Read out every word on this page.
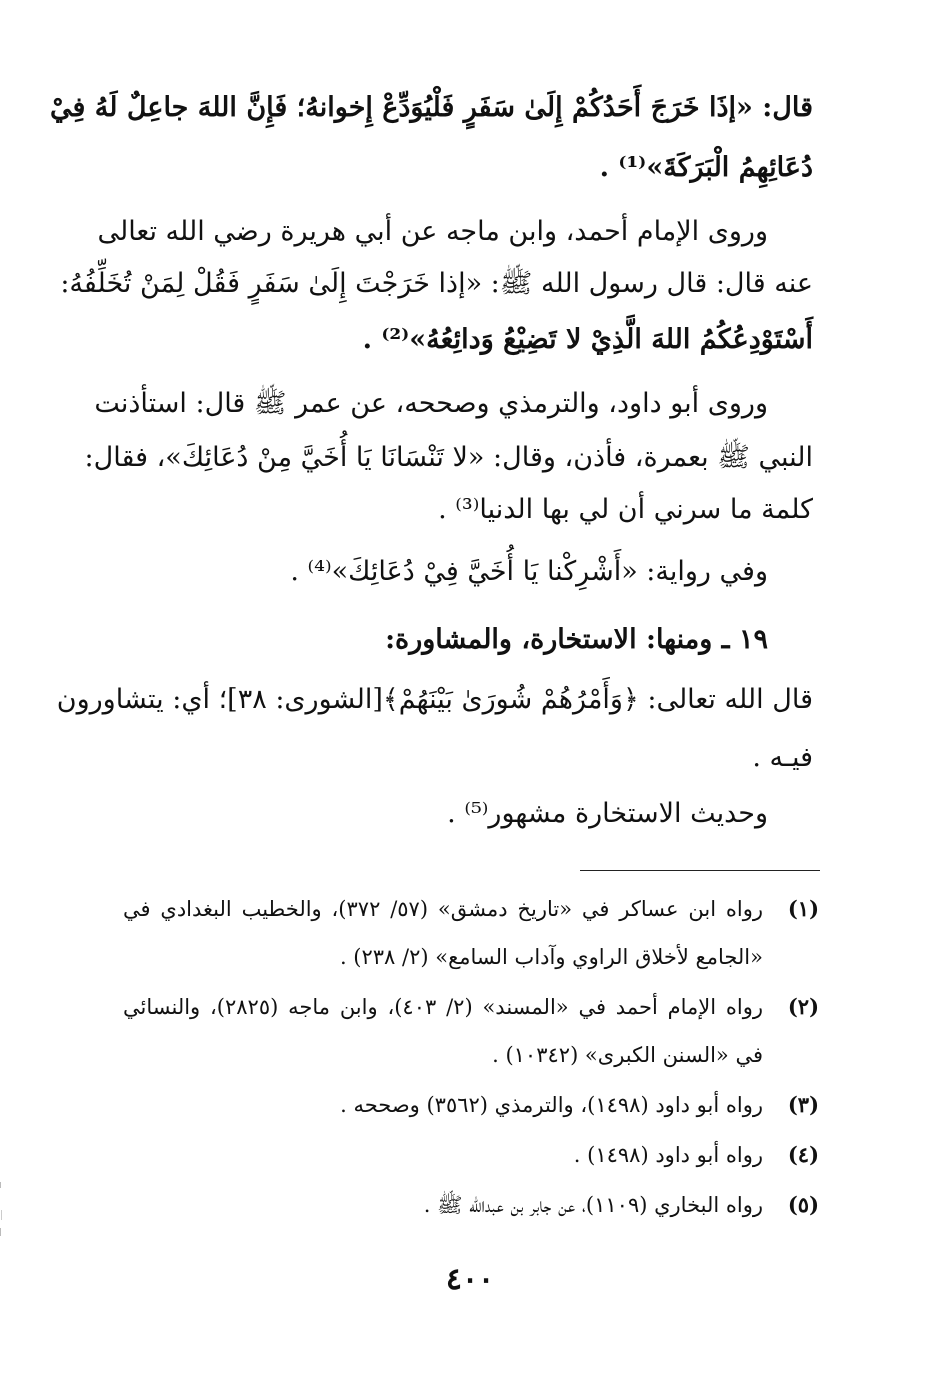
قال: «إذَا خَرَجَ أَحَدُكُمْ إِلَىٰ سَفَرٍ فَلْيُوَدِّعْ إِخوانهُ؛ فَإِنَّ اللهَ جاعِلٌ لَهُ فِيْ
دُعَائِهِمُ الْبَرَكَةَ»⁽¹⁾ .
وروى الإمام أحمد، وابن ماجه عن أبي هريرة رضي الله تعالى
عنه قال: قال رسول الله ﷺ: «إذا خَرَجْتَ إِلَىٰ سَفَرٍ فَقُلْ لِمَنْ تُخَلِّفُهُ:
أَسْتَوْدِعُكُمُ اللهَ الَّذِيْ لا تَضِيْعُ وَدائِعُهُ»⁽²⁾ .
وروى أبو داود، والترمذي وصححه، عن عمر ﷺ قال: استأذنت
النبي ﷺ بعمرة، فأذن، وقال: «لا تَنْسَانَا يَا أُخَيَّ مِنْ دُعَائِكَ»، فقال:
كلمة ما سرني أن لي بها الدنيا⁽³⁾ .
وفي رواية: «أَشْرِكْنا يَا أُخَيَّ فِيْ دُعَائِكَ»⁽⁴⁾ .
١٩ ـ ومنها: الاستخارة، والمشاورة:
قال الله تعالى: ﴿وَأَمْرُهُمْ شُورَىٰ بَيْنَهُمْ﴾[الشورى: ٣٨]؛ أي: يتشاورون
فيـه .
وحديث الاستخارة مشهور⁽⁵⁾ .
(١)
رواه ابن عساكر في «تاريخ دمشق» (٥٧/ ٣٧٢)، والخطيب البغدادي في
«الجامع لأخلاق الراوي وآداب السامع» (٢/ ٢٣٨) .
(٢)
رواه الإمام أحمد في «المسند» (٢/ ٤٠٣)، وابن ماجه (٢٨٢٥)، والنسائي
في «السنن الكبرى» (١٠٣٤٢) .
(٣)
رواه أبو داود (١٤٩٨)، والترمذي (٣٥٦٢) وصححه .
(٤)
رواه أبو داود (١٤٩٨) .
(٥)
رواه البخاري (١١٠٩)، عن جابر بن عبدالله ﷺ .
٤٠٠
